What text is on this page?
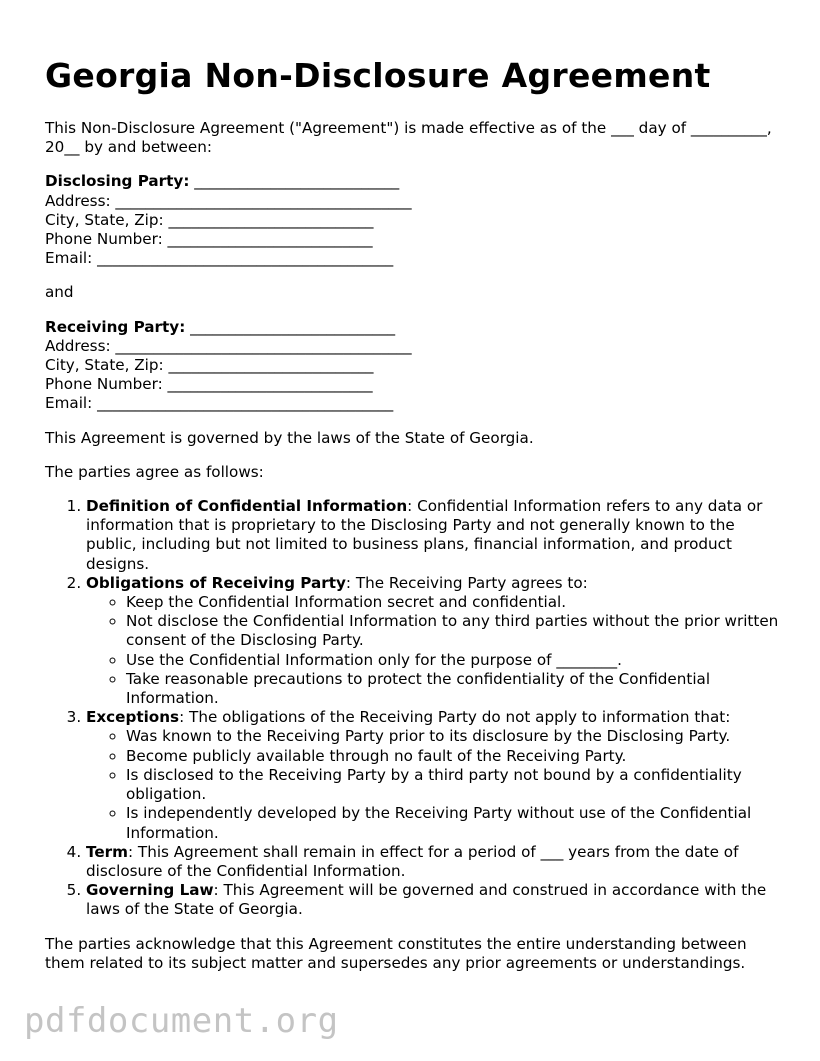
Georgia Non-Disclosure Agreement

This Non-Disclosure Agreement ("Agreement") is made effective as of the ___ day of __________, 20__ by and between:

Disclosing Party: ___________________________
Address: _______________________________________
City, State, Zip: ___________________________
Phone Number: ___________________________
Email: _______________________________________

and

Receiving Party: ___________________________
Address: _______________________________________
City, State, Zip: ___________________________
Phone Number: ___________________________
Email: _______________________________________

This Agreement is governed by the laws of the State of Georgia.

The parties agree as follows:

1. Definition of Confidential Information: Confidential Information refers to any data or information that is proprietary to the Disclosing Party and not generally known to the public, including but not limited to business plans, financial information, and product designs.
2. Obligations of Receiving Party: The Receiving Party agrees to:
◦ Keep the Confidential Information secret and confidential.
◦ Not disclose the Confidential Information to any third parties without the prior written consent of the Disclosing Party.
◦ Use the Confidential Information only for the purpose of ________.
◦ Take reasonable precautions to protect the confidentiality of the Confidential Information.
3. Exceptions: The obligations of the Receiving Party do not apply to information that:
◦ Was known to the Receiving Party prior to its disclosure by the Disclosing Party.
◦ Become publicly available through no fault of the Receiving Party.
◦ Is disclosed to the Receiving Party by a third party not bound by a confidentiality obligation.
◦ Is independently developed by the Receiving Party without use of the Confidential Information.
4. Term: This Agreement shall remain in effect for a period of ___ years from the date of disclosure of the Confidential Information.
5. Governing Law: This Agreement will be governed and construed in accordance with the laws of the State of Georgia.

The parties acknowledge that this Agreement constitutes the entire understanding between them related to its subject matter and supersedes any prior agreements or understandings.

pdfdocument.org
